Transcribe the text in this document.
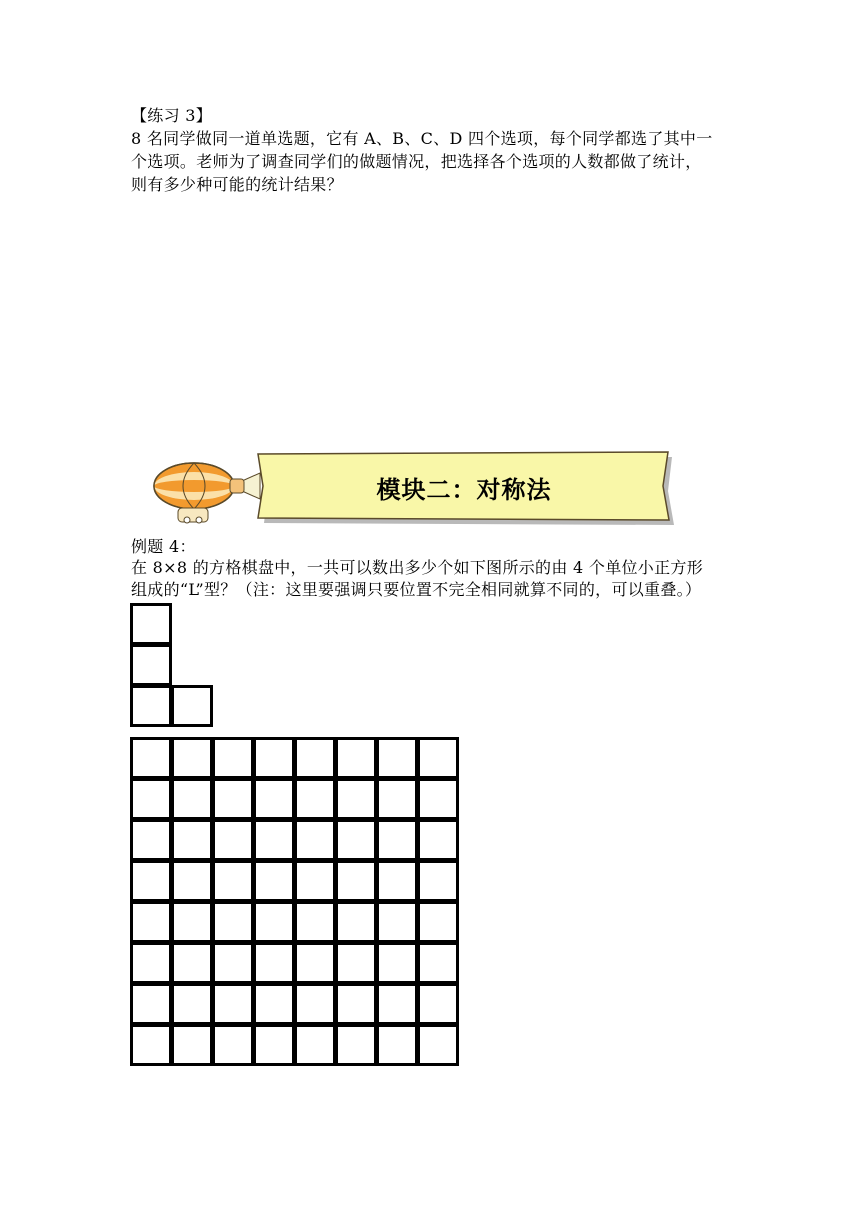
【练习 3】
8 名同学做同一道单选题，它有 A、B、C、D 四个选项，每个同学都选了其中一
个选项。老师为了调查同学们的做题情况，把选择各个选项的人数都做了统计，
则有多少种可能的统计结果？
模块二：对称法
例题 4：
在 8×8 的方格棋盘中，一共可以数出多少个如下图所示的由 4 个单位小正方形
组成的“L”型？（注：这里要强调只要位置不完全相同就算不同的，可以重叠。）
